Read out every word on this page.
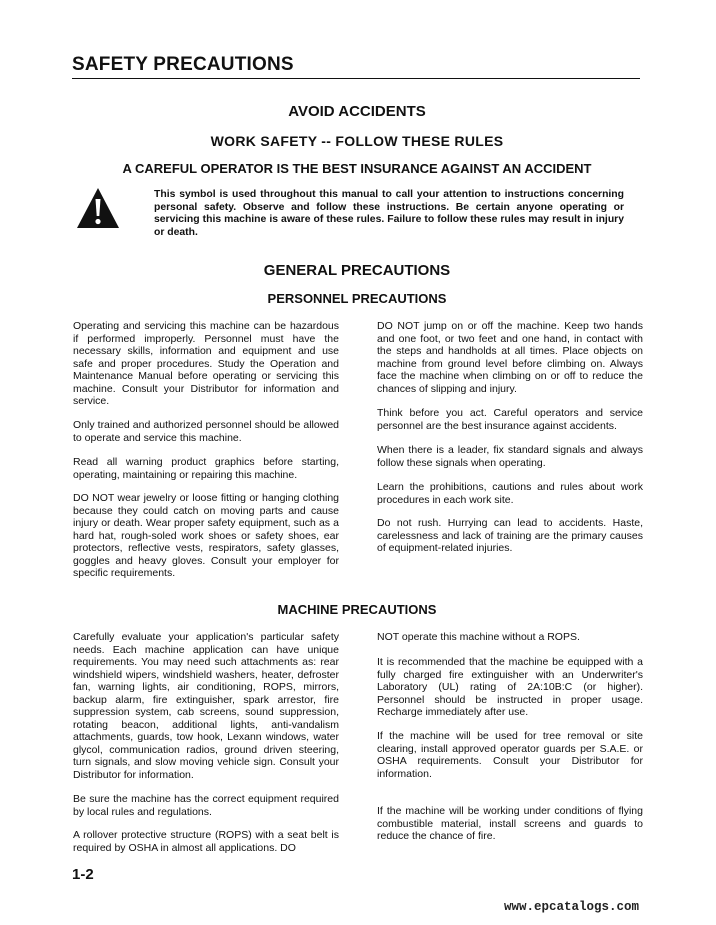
SAFETY PRECAUTIONS
AVOID ACCIDENTS
WORK SAFETY -- FOLLOW THESE RULES
A CAREFUL OPERATOR IS THE BEST INSURANCE AGAINST AN ACCIDENT

This symbol is used throughout this manual to call your attention to instructions concerning personal safety. Observe and follow these instructions. Be certain anyone operating or servicing this machine is aware of these rules. Failure to follow these rules may result in injury or death.

GENERAL PRECAUTIONS
PERSONNEL PRECAUTIONS

Operating and servicing this machine can be hazardous if performed improperly. Personnel must have the necessary skills, information and equipment and use safe and proper procedures. Study the Operation and Maintenance Manual before operating or servicing this machine. Consult your Distributor for information and service.

Only trained and authorized personnel should be allowed to operate and service this machine.

Read all warning product graphics before starting, operating, maintaining or repairing this machine.

DO NOT wear jewelry or loose fitting or hanging clothing because they could catch on moving parts and cause injury or death. Wear proper safety equipment, such as a hard hat, rough-soled work shoes or safety shoes, ear protectors, reflective vests, respirators, safety glasses, goggles and heavy gloves. Consult your employer for specific requirements.

DO NOT jump on or off the machine. Keep two hands and one foot, or two feet and one hand, in contact with the steps and handholds at all times. Place objects on machine from ground level before climbing on. Always face the machine when climbing on or off to reduce the chances of slipping and injury.

Think before you act. Careful operators and service personnel are the best insurance against accidents.

When there is a leader, fix standard signals and always follow these signals when operating.

Learn the prohibitions, cautions and rules about work procedures in each work site.

Do not rush. Hurrying can lead to accidents. Haste, carelessness and lack of training are the primary causes of equipment-related injuries.

MACHINE PRECAUTIONS

Carefully evaluate your application's particular safety needs. Each machine application can have unique requirements. You may need such attachments as: rear windshield wipers, windshield washers, heater, defroster fan, warning lights, air conditioning, ROPS, mirrors, backup alarm, fire extinguisher, spark arrestor, fire suppression system, cab screens, sound suppression, rotating beacon, additional lights, anti-vandalism attachments, guards, tow hook, Lexann windows, water glycol, communication radios, ground driven steering, turn signals, and slow moving vehicle sign. Consult your Distributor for information.

Be sure the machine has the correct equipment required by local rules and regulations.

A rollover protective structure (ROPS) with a seat belt is required by OSHA in almost all applications. DO

NOT operate this machine without a ROPS.

It is recommended that the machine be equipped with a fully charged fire extinguisher with an Underwriter's Laboratory (UL) rating of 2A:10B:C (or higher). Personnel should be instructed in proper usage. Recharge immediately after use.

If the machine will be used for tree removal or site clearing, install approved operator guards per S.A.E. or OSHA requirements. Consult your Distributor for information.

If the machine will be working under conditions of flying combustible material, install screens and guards to reduce the chance of fire.

1-2

www.epcatalogs.com
